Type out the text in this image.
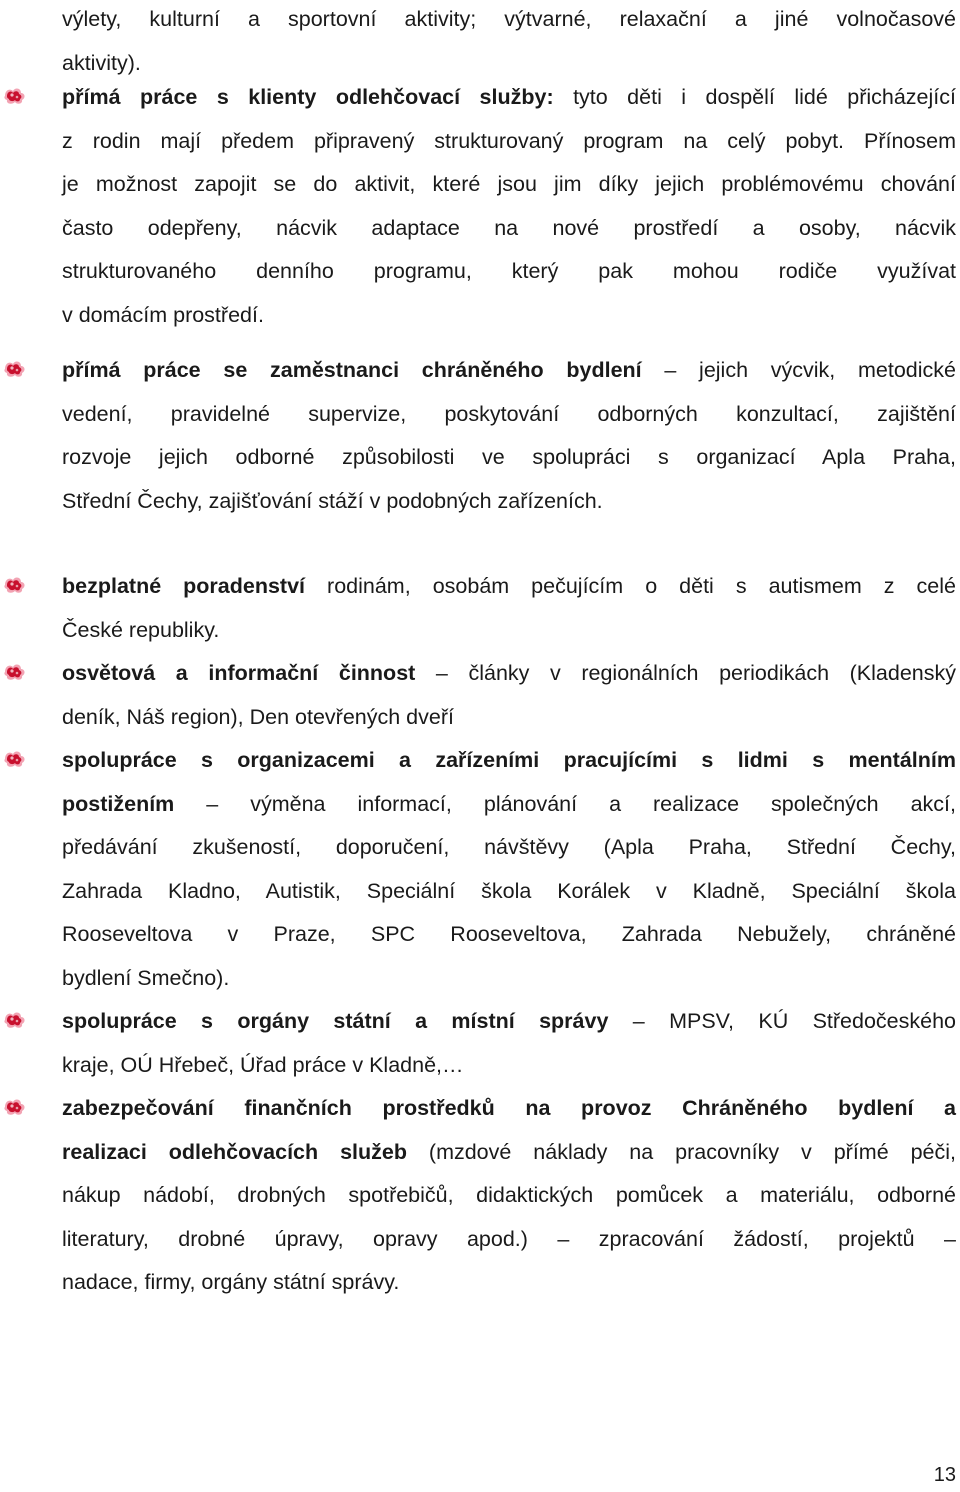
výlety, kulturní a sportovní aktivity; výtvarné, relaxační a jiné volnočasové
aktivity).
přímá práce s klienty odlehčovací služby: tyto děti i dospělí lidé přicházející
z rodin mají předem připravený strukturovaný program na celý pobyt. Přínosem
je možnost zapojit se do aktivit, které jsou jim díky jejich problémovému chování
často odepřeny, nácvik adaptace na nové prostředí a osoby, nácvik
strukturovaného denního programu, který pak mohou rodiče využívat
v domácím prostředí.
přímá práce se zaměstnanci chráněného bydlení – jejich výcvik, metodické
vedení, pravidelné supervize, poskytování odborných konzultací, zajištění
rozvoje jejich odborné způsobilosti ve spolupráci s organizací Apla Praha,
Střední Čechy, zajišťování stáží v podobných zařízeních.
bezplatné poradenství rodinám, osobám pečujícím o děti s autismem z celé
České republiky.
osvětová a informační činnost – články v regionálních periodikách (Kladenský
deník, Náš region), Den otevřených dveří
spolupráce s organizacemi a zařízeními pracujícími s lidmi s mentálním
postižením – výměna informací, plánování a realizace společných akcí,
předávání zkušeností, doporučení, návštěvy (Apla Praha, Střední Čechy,
Zahrada Kladno, Autistik, Speciální škola Korálek v Kladně, Speciální škola
Rooseveltova v Praze, SPC Rooseveltova, Zahrada Nebužely, chráněné
bydlení Smečno).
spolupráce s orgány státní a místní správy – MPSV, KÚ Středočeského
kraje, OÚ Hřebeč, Úřad práce v Kladně,…
zabezpečování finančních prostředků na provoz Chráněného bydlení a
realizaci odlehčovacích služeb (mzdové náklady na pracovníky v přímé péči,
nákup nádobí, drobných spotřebičů, didaktických pomůcek a materiálu, odborné
literatury, drobné úpravy, opravy apod.) – zpracování žádostí, projektů –
nadace, firmy, orgány státní správy.
13
